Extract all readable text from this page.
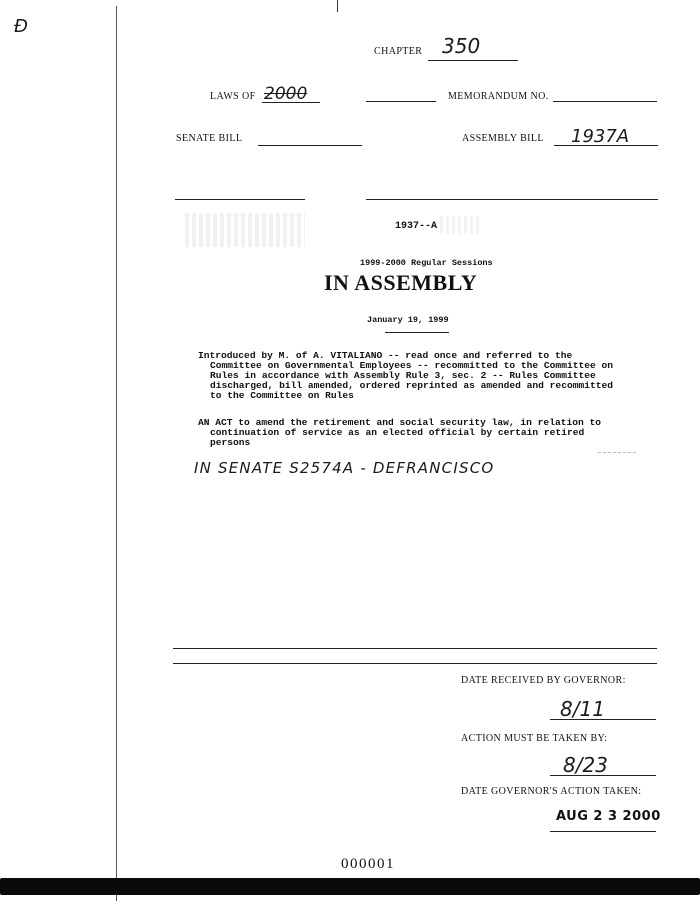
Đ
CHAPTER 350
LAWS OF 2000	MEMORANDUM NO.
SENATE BILL	ASSEMBLY BILL 1937A
1937--A
1999-2000 Regular Sessions
IN ASSEMBLY
January 19, 1999
Introduced by M. of A. VITALIANO -- read once and referred to the
Committee on Governmental Employees -- recommitted to the Committee on
Rules in accordance with Assembly Rule 3, sec. 2 -- Rules Committee
discharged, bill amended, ordered reprinted as amended and recommitted
to the Committee on Rules
AN ACT to amend the retirement and social security law, in relation to
continuation of service as an elected official by certain retired
persons
IN SENATE S2574A - DEFRANCISCO
DATE RECEIVED BY GOVERNOR:
8/11
ACTION MUST BE TAKEN BY:
8/23
DATE GOVERNOR'S ACTION TAKEN:
AUG 2 3 2000
000001
